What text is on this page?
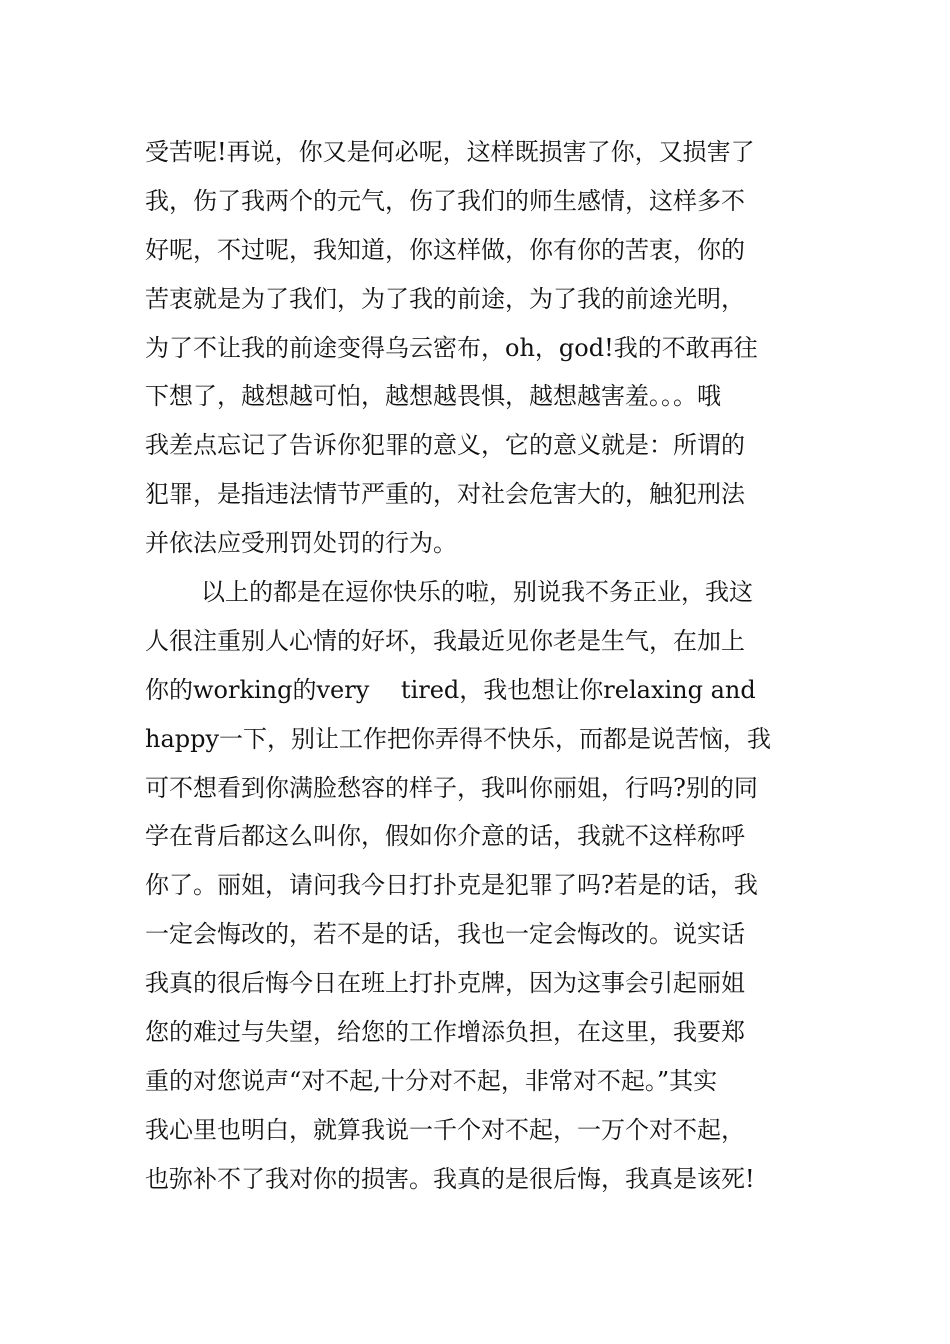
受苦呢!再说，你又是何必呢，这样既损害了你，又损害了
我，伤了我两个的元气，伤了我们的师生感情，这样多不
好呢，不过呢，我知道，你这样做，你有你的苦衷，你的
苦衷就是为了我们，为了我的前途，为了我的前途光明，
为了不让我的前途变得乌云密布，oh，god!我的不敢再往
下想了，越想越可怕，越想越畏惧，越想越害羞。。。哦
我差点忘记了告诉你犯罪的意义，它的意义就是：所谓的
犯罪，是指违法情节严重的，对社会危害大的，触犯刑法
并依法应受刑罚处罚的行为。
以上的都是在逗你快乐的啦，别说我不务正业，我这
人很注重别人心情的好坏，我最近见你老是生气，在加上
你的working的very　 tired，我也想让你relaxing and
happy一下，别让工作把你弄得不快乐，而都是说苦恼，我
可不想看到你满脸愁容的样子，我叫你丽姐，行吗?别的同
学在背后都这么叫你，假如你介意的话，我就不这样称呼
你了。丽姐，请问我今日打扑克是犯罪了吗?若是的话，我
一定会悔改的，若不是的话，我也一定会悔改的。说实话
我真的很后悔今日在班上打扑克牌，因为这事会引起丽姐
您的难过与失望，给您的工作增添负担，在这里，我要郑
重的对您说声“对不起,十分对不起，非常对不起。”其实
我心里也明白，就算我说一千个对不起，一万个对不起，
也弥补不了我对你的损害。我真的是很后悔，我真是该死!
